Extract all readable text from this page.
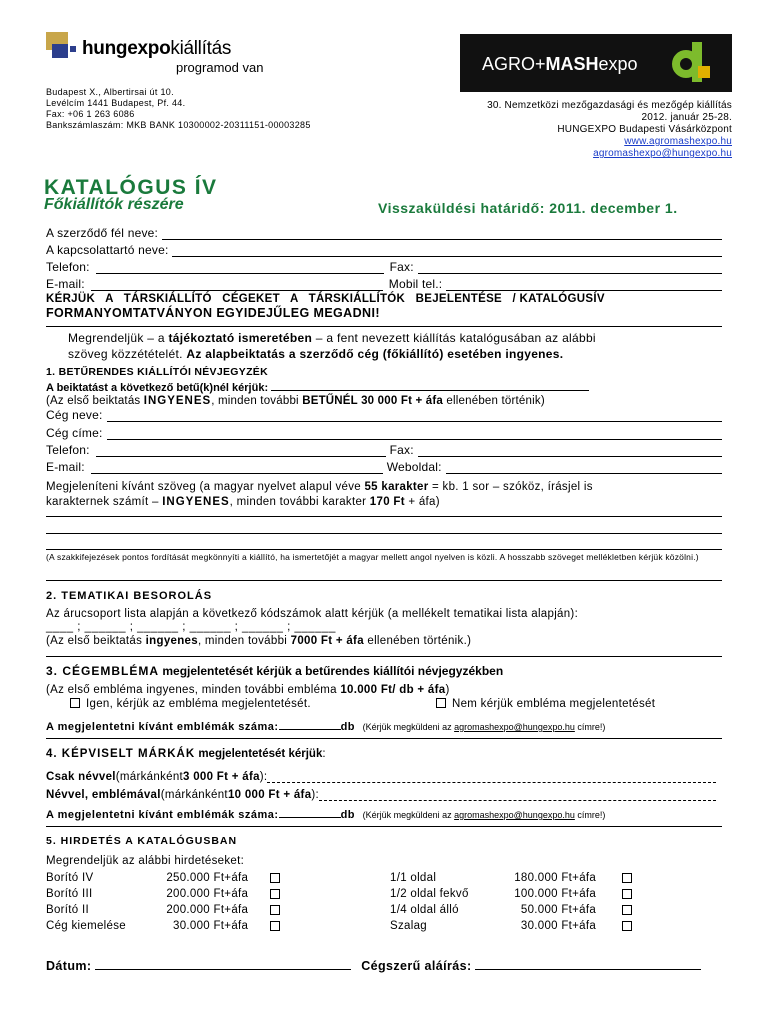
hungexpokiállítás
programod van
Budapest X., Albertirsai út 10.
Levélcím 1441 Budapest, Pf. 44.
Fax: +06 1 263 6086
Bankszámlaszám: MKB BANK 10300002-20311151-00003285
AGRO+MASHexpo
30. Nemzetközi mezőgazdasági és mezőgép kiállítás
2012. január 25-28.
HUNGEXPO Budapesti Vásárközpont
www.agromashexpo.hu
agromashexpo@hungexpo.hu
KATALÓGUS ÍV
Főkiállítók részére	Visszaküldési határidő: 2011. december 1.
A szerződő fél neve:
A kapcsolattartó neve:
Telefon:	Fax:
E-mail:	Mobil tel.:
KÉRJÜK   A   TÁRSKIÁLLÍTÓ   CÉGEKET   A   TÁRSKIÁLLÍTÓK   BEJELENTÉSE   / KATALÓGUSÍV
FORMANYOMTATVÁNYON EGYIDEJŰLEG MEGADNI!
Megrendeljük – a tájékoztató ismeretében – a fent nevezett kiállítás katalógusában az alábbi
szöveg közzétételét. Az alapbeiktatás a szerződő cég (főkiállító) esetében ingyenes.
1. BETŰRENDES KIÁLLÍTÓI NÉVJEGYZÉK
A beiktatást a következő betű(k)nél kérjük:
(Az első beiktatás INGYENES, minden további BETŰNÉL 30 000 Ft + áfa ellenében történik)
Cég neve:
Cég címe:
Telefon:	Fax:
E-mail:	Weboldal:
Megjeleníteni kívánt szöveg (a magyar nyelvet alapul véve 55 karakter = kb. 1 sor – szóköz, írásjel is
karakternek számít – INGYENES, minden további karakter 170 Ft + áfa)
(A szakkifejezések pontos fordítását megkönnyíti a kiállító, ha ismertetőjét a magyar mellett angol nyelven is közli. A hosszabb szöveget mellékletben kérjük közölni.)
2. TEMATIKAI BESOROLÁS
Az árucsoport lista alapján a következő kódszámok alatt kérjük (a mellékelt tematikai lista alapján):
____ ; ______ ; ______ ; ______ ; ______ ; ______
(Az első beiktatás ingyenes, minden további 7000 Ft + áfa ellenében történik.)
3. CÉGEMBLÉMA megjelentetését kérjük a betűrendes kiállítói névjegyzékben
(Az első embléma ingyenes, minden további embléma 10.000 Ft/ db + áfa)
Igen, kérjük az embléma megjelentetését.	Nem kérjük embléma megjelentetését
A megjelentetni kívánt emblémák száma:	db (Kérjük megküldeni az agromashexpo@hungexpo.hu címre!)
4. KÉPVISELT MÁRKÁK megjelentetését kérjük:
Csak névvel (márkánként 3 000 Ft + áfa ):
Névvel, emblémával (márkánként 10 000 Ft + áfa ):
A megjelentetni kívánt emblémák száma:	db (Kérjük megküldeni az agromashexpo@hungexpo.hu címre!)
5. HIRDETÉS A KATALÓGUSBAN
Megrendeljük az alábbi hirdetéseket:
Borító IV	250.000 Ft+áfa
Borító III	200.000 Ft+áfa
Borító II	200.000 Ft+áfa
Cég kiemelése	30.000 Ft+áfa
1/1 oldal	180.000 Ft+áfa
1/2 oldal fekvő	100.000 Ft+áfa
1/4 oldal álló	50.000 Ft+áfa
Szalag	30.000 Ft+áfa
Dátum:	Cégszerű aláírás:
